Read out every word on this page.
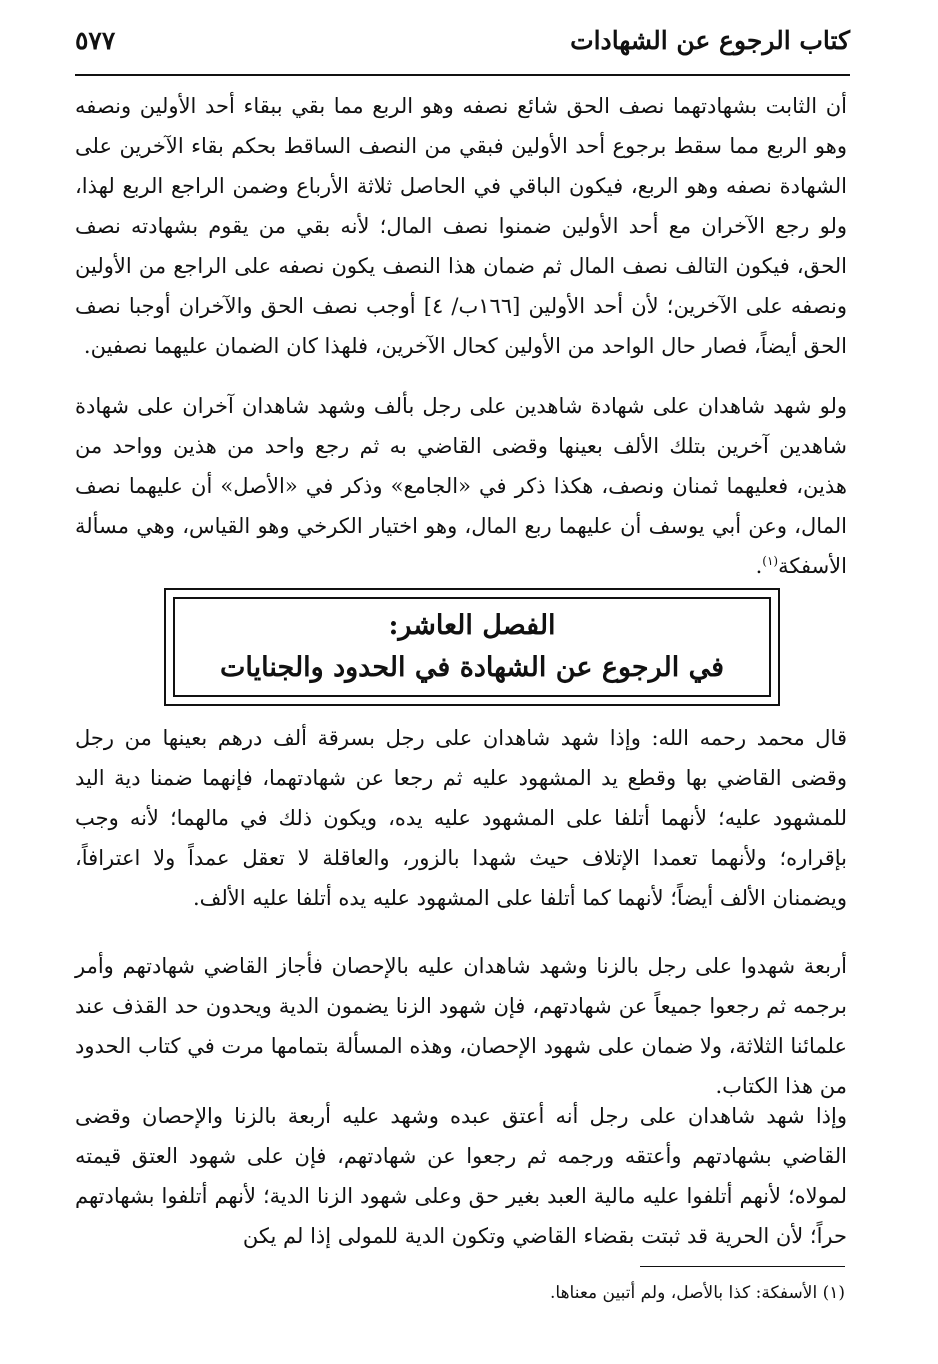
كتاب الرجوع عن الشهادات
٥٧٧

أن الثابت بشهادتهما نصف الحق شائع نصفه وهو الربع مما بقي ببقاء أحد الأولين ونصفه وهو الربع مما سقط برجوع أحد الأولين فبقي من النصف الساقط بحكم بقاء الآخرين على الشهادة نصفه وهو الربع، فيكون الباقي في الحاصل ثلاثة الأرباع وضمن الراجع الربع لهذا، ولو رجع الآخران مع أحد الأولين ضمنوا نصف المال؛ لأنه بقي من يقوم بشهادته نصف الحق، فيكون التالف نصف المال ثم ضمان هذا النصف يكون نصفه على الراجع من الأولين ونصفه على الآخرين؛ لأن أحد الأولين [١٦٦ب/ ٤] أوجب نصف الحق والآخران أوجبا نصف الحق أيضاً، فصار حال الواحد من الأولين كحال الآخرين، فلهذا كان الضمان عليهما نصفين.

ولو شهد شاهدان على شهادة شاهدين على رجل بألف وشهد شاهدان آخران على شهادة شاهدين آخرين بتلك الألف بعينها وقضى القاضي به ثم رجع واحد من هذين وواحد من هذين، فعليهما ثمنان ونصف، هكذا ذكر في «الجامع» وذكر في «الأصل» أن عليهما نصف المال، وعن أبي يوسف أن عليهما ربع المال، وهو اختيار الكرخي وهو القياس، وهي مسألة الأسفكة$^{(١)}$.

الفصل العاشر:
في الرجوع عن الشهادة في الحدود والجنايات

قال محمد رحمه الله: وإذا شهد شاهدان على رجل بسرقة ألف درهم بعينها من رجل وقضى القاضي بها وقطع يد المشهود عليه ثم رجعا عن شهادتهما، فإنهما ضمنا دية اليد للمشهود عليه؛ لأنهما أتلفا على المشهود عليه يده، ويكون ذلك في مالهما؛ لأنه وجب بإقراره؛ ولأنهما تعمدا الإتلاف حيث شهدا بالزور، والعاقلة لا تعقل عمداً ولا اعترافاً، ويضمنان الألف أيضاً؛ لأنهما كما أتلفا على المشهود عليه يده أتلفا عليه الألف.

أربعة شهدوا على رجل بالزنا وشهد شاهدان عليه بالإحصان فأجاز القاضي شهادتهم وأمر برجمه ثم رجعوا جميعاً عن شهادتهم، فإن شهود الزنا يضمون الدية ويحدون حد القذف عند علمائنا الثلاثة، ولا ضمان على شهود الإحصان، وهذه المسألة بتمامها مرت في كتاب الحدود من هذا الكتاب.

وإذا شهد شاهدان على رجل أنه أعتق عبده وشهد عليه أربعة بالزنا والإحصان وقضى القاضي بشهادتهم وأعتقه ورجمه ثم رجعوا عن شهادتهم، فإن على شهود العتق قيمته لمولاه؛ لأنهم أتلفوا عليه مالية العبد بغير حق وعلى شهود الزنا الدية؛ لأنهم أتلفوا بشهادتهم حراً؛ لأن الحرية قد ثبتت بقضاء القاضي وتكون الدية للمولى إذا لم يكن

(١) الأسفكة: كذا بالأصل، ولم أتبين معناها.
